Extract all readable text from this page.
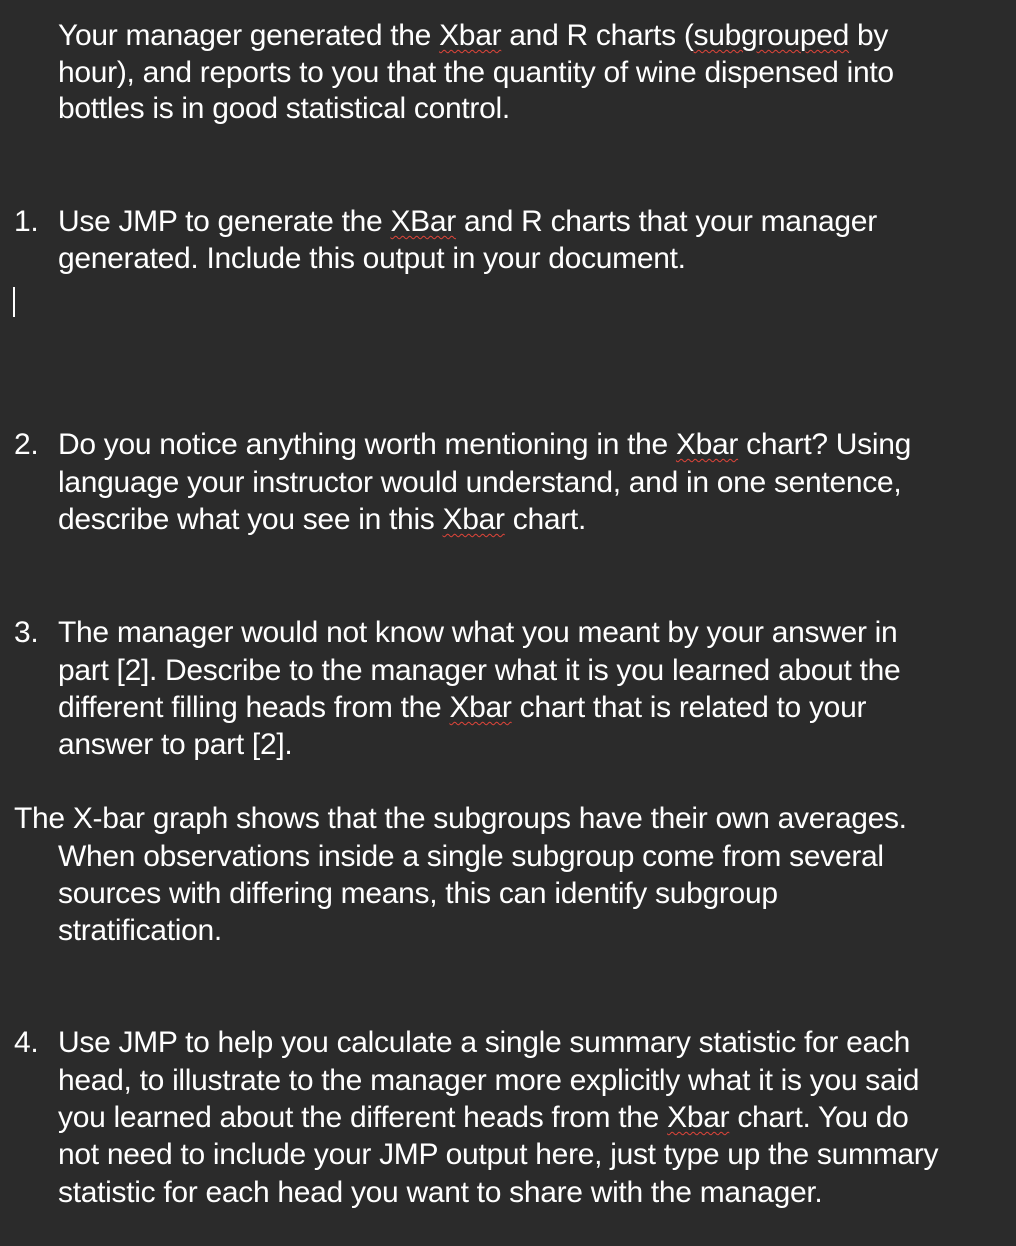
Your manager generated the Xbar and R charts (subgrouped by
hour), and reports to you that the quantity of wine dispensed into
bottles is in good statistical control.
1. Use JMP to generate the XBar and R charts that your manager
generated. Include this output in your document.
2. Do you notice anything worth mentioning in the Xbar chart? Using
language your instructor would understand, and in one sentence,
describe what you see in this Xbar chart.
3. The manager would not know what you meant by your answer in
part [2]. Describe to the manager what it is you learned about the
different filling heads from the Xbar chart that is related to your
answer to part [2].
The X-bar graph shows that the subgroups have their own averages.
When observations inside a single subgroup come from several
sources with differing means, this can identify subgroup
stratification.
4. Use JMP to help you calculate a single summary statistic for each
head, to illustrate to the manager more explicitly what it is you said
you learned about the different heads from the Xbar chart. You do
not need to include your JMP output here, just type up the summary
statistic for each head you want to share with the manager.
